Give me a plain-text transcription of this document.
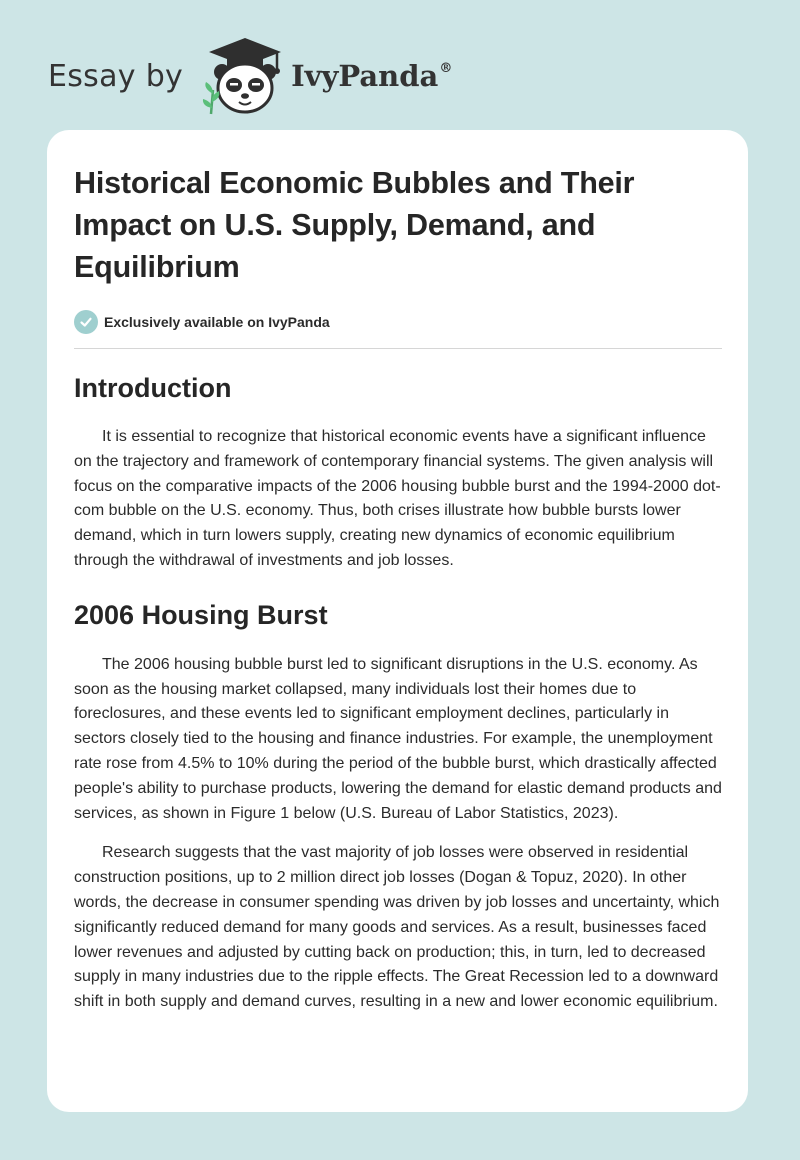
Essay by	IvyPanda®
Historical Economic Bubbles and Their Impact on U.S. Supply, Demand, and Equilibrium
Exclusively available on IvyPanda
Introduction

It is essential to recognize that historical economic events have a significant influence on the trajectory and framework of contemporary financial systems. The given analysis will focus on the comparative impacts of the 2006 housing bubble burst and the 1994-2000 dot-com bubble on the U.S. economy. Thus, both crises illustrate how bubble bursts lower demand, which in turn lowers supply, creating new dynamics of economic equilibrium through the withdrawal of investments and job losses.

2006 Housing Burst

The 2006 housing bubble burst led to significant disruptions in the U.S. economy. As soon as the housing market collapsed, many individuals lost their homes due to foreclosures, and these events led to significant employment declines, particularly in sectors closely tied to the housing and finance industries. For example, the unemployment rate rose from 4.5% to 10% during the period of the bubble burst, which drastically affected people's ability to purchase products, lowering the demand for elastic demand products and services, as shown in Figure 1 below (U.S. Bureau of Labor Statistics, 2023).

Research suggests that the vast majority of job losses were observed in residential construction positions, up to 2 million direct job losses (Dogan & Topuz, 2020). In other words, the decrease in consumer spending was driven by job losses and uncertainty, which significantly reduced demand for many goods and services. As a result, businesses faced lower revenues and adjusted by cutting back on production; this, in turn, led to decreased supply in many industries due to the ripple effects. The Great Recession led to a downward shift in both supply and demand curves, resulting in a new and lower economic equilibrium.
